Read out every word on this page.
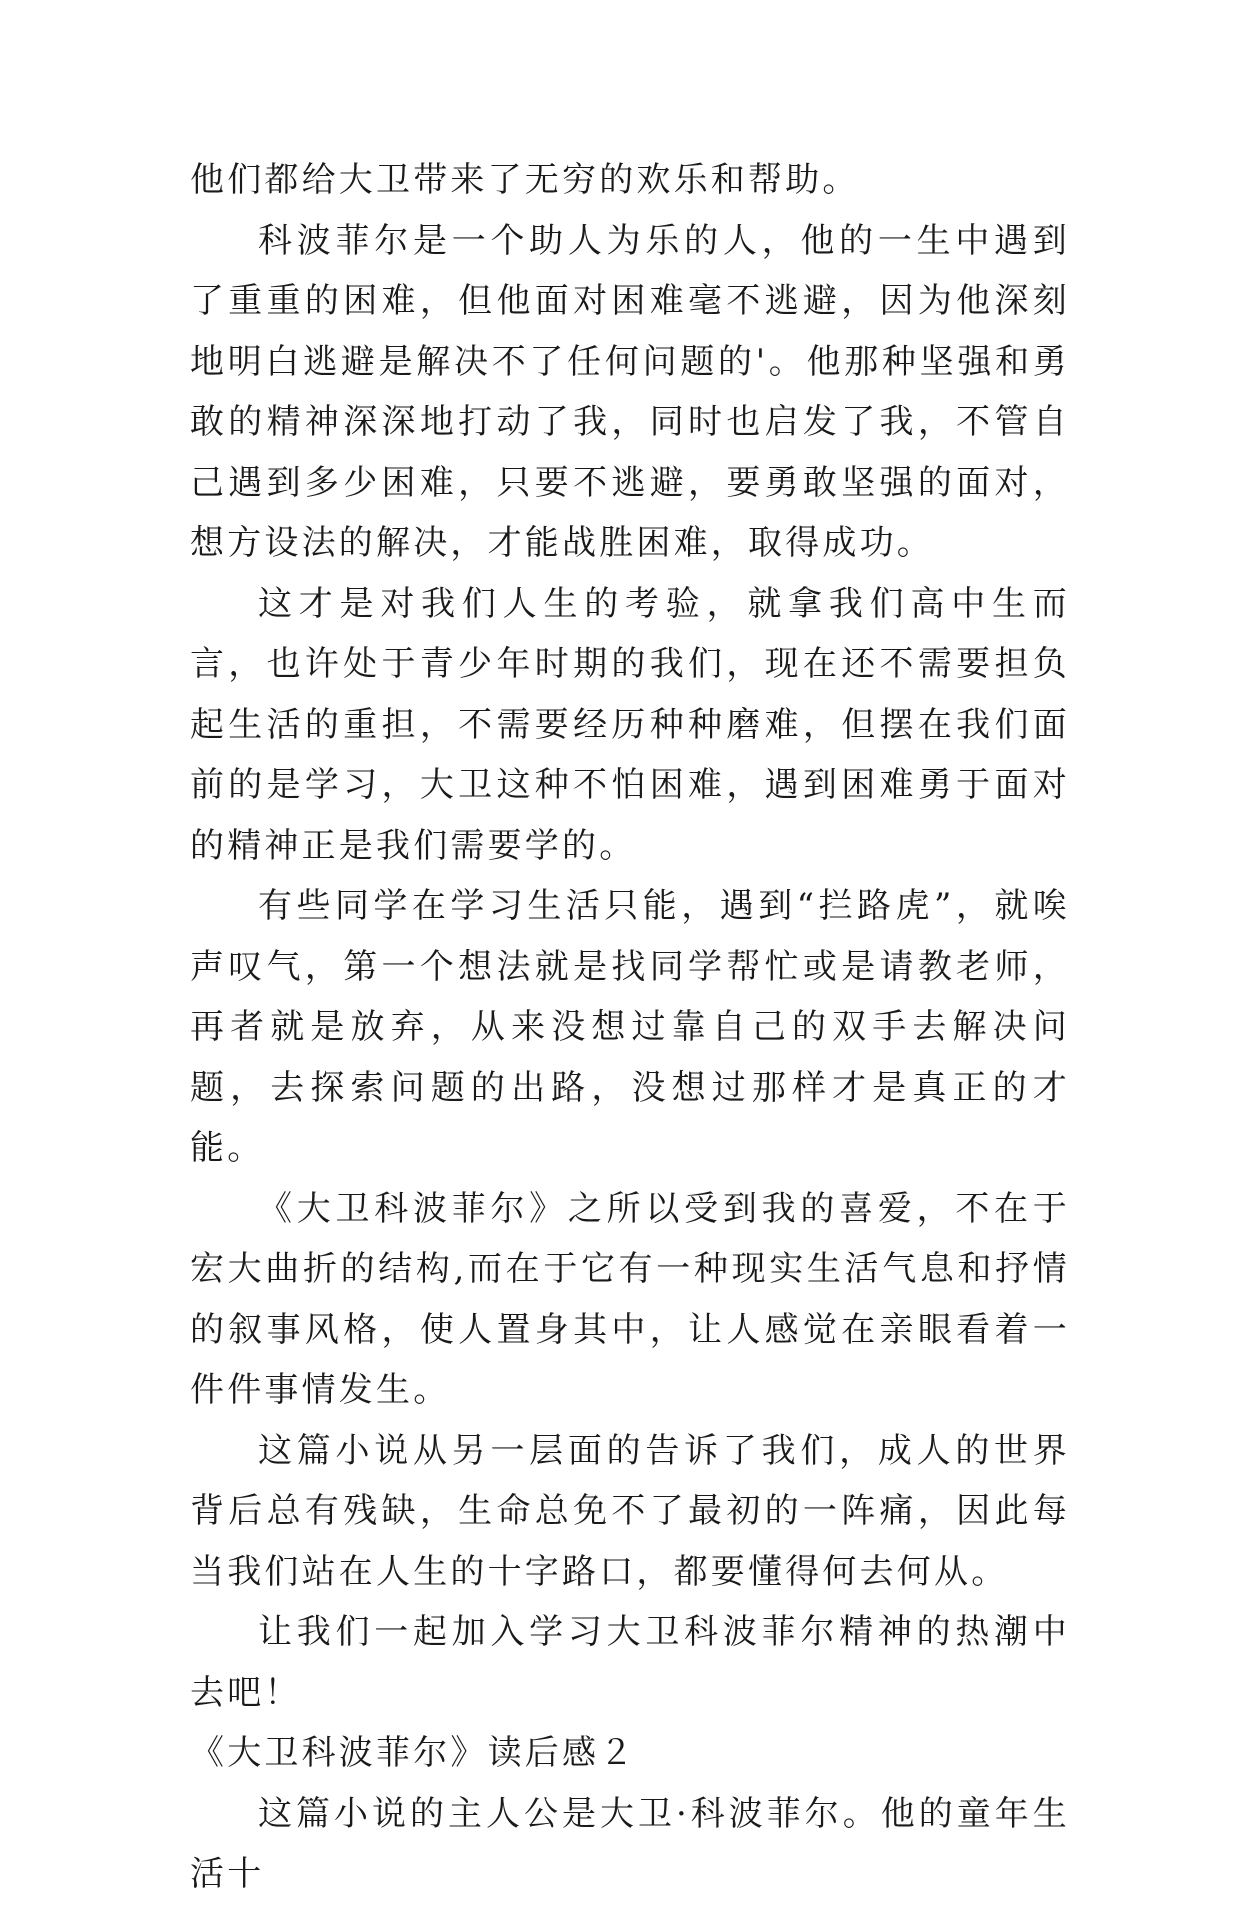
他们都给大卫带来了无穷的欢乐和帮助。

科波菲尔是一个助人为乐的人，他的一生中遇到了重重的困难，但他面对困难毫不逃避，因为他深刻地明白逃避是解决不了任何问题的'。他那种坚强和勇敢的精神深深地打动了我，同时也启发了我，不管自己遇到多少困难，只要不逃避，要勇敢坚强的面对，想方设法的解决，才能战胜困难，取得成功。

这才是对我们人生的考验，就拿我们高中生而言，也许处于青少年时期的我们，现在还不需要担负起生活的重担，不需要经历种种磨难，但摆在我们面前的是学习，大卫这种不怕困难，遇到困难勇于面对的精神正是我们需要学的。

有些同学在学习生活只能，遇到“拦路虎”，就唉声叹气，第一个想法就是找同学帮忙或是请教老师，再者就是放弃，从来没想过靠自己的双手去解决问题，去探索问题的出路，没想过那样才是真正的才能。

《大卫科波菲尔》之所以受到我的喜爱，不在于宏大曲折的结构,而在于它有一种现实生活气息和抒情的叙事风格，使人置身其中，让人感觉在亲眼看着一件件事情发生。

这篇小说从另一层面的告诉了我们，成人的世界背后总有残缺，生命总免不了最初的一阵痛，因此每当我们站在人生的十字路口，都要懂得何去何从。

让我们一起加入学习大卫科波菲尔精神的热潮中去吧！

《大卫科波菲尔》读后感２

这篇小说的主人公是大卫·科波菲尔。他的童年生活十
